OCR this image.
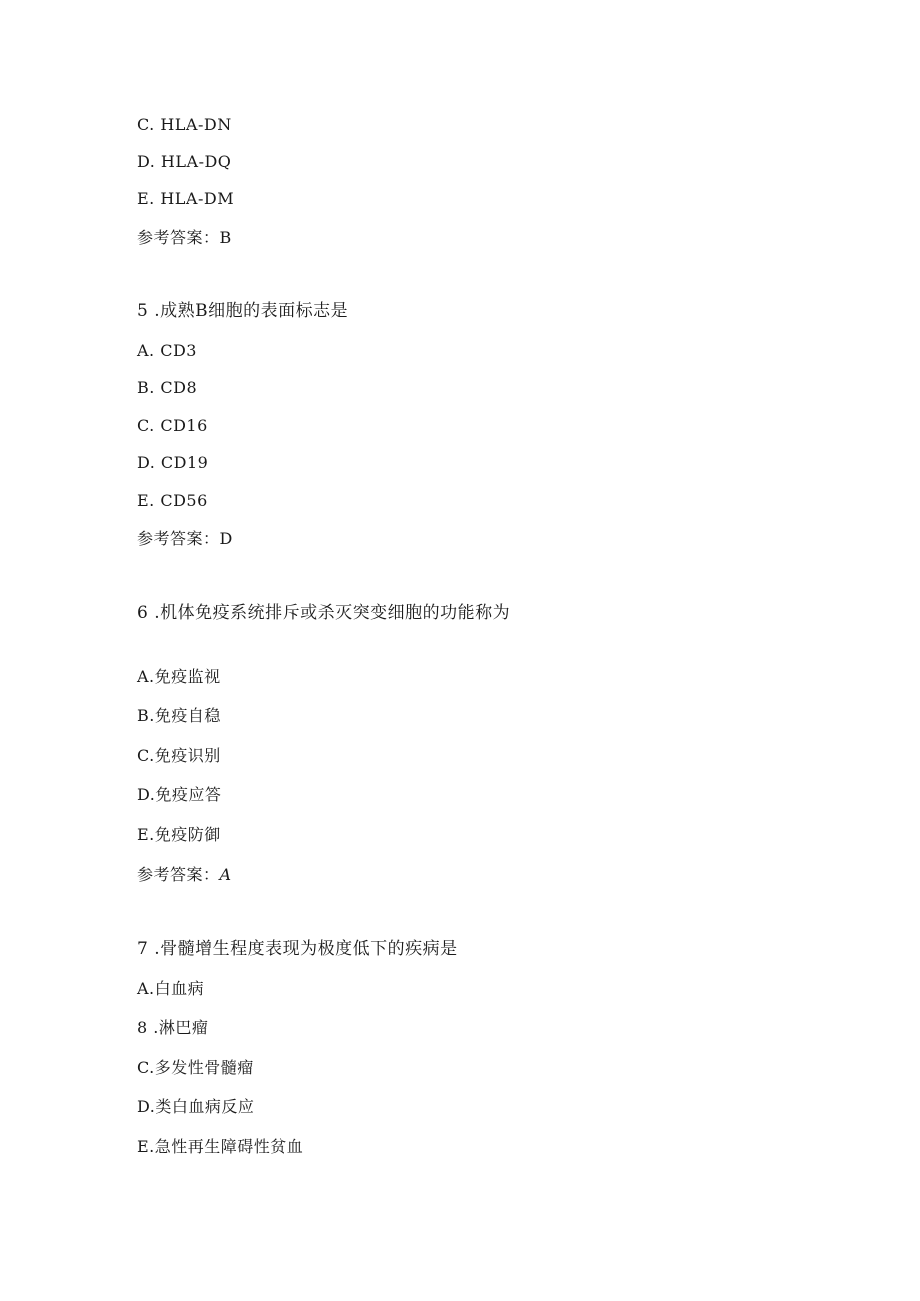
C. HLA-DN
D. HLA-DQ
E. HLA-DM
参考答案：B
5 .成熟B细胞的表面标志是
A. CD3
B. CD8
C. CD16
D. CD19
E. CD56
参考答案：D
6 .机体免疫系统排斥或杀灭突变细胞的功能称为
A.免疫监视
B.免疫自稳
C.免疫识别
D.免疫应答
E.免疫防御
参考答案：A
7 .骨髓增生程度表现为极度低下的疾病是
A.白血病
8 .淋巴瘤
C.多发性骨髓瘤
D.类白血病反应
E.急性再生障碍性贫血
